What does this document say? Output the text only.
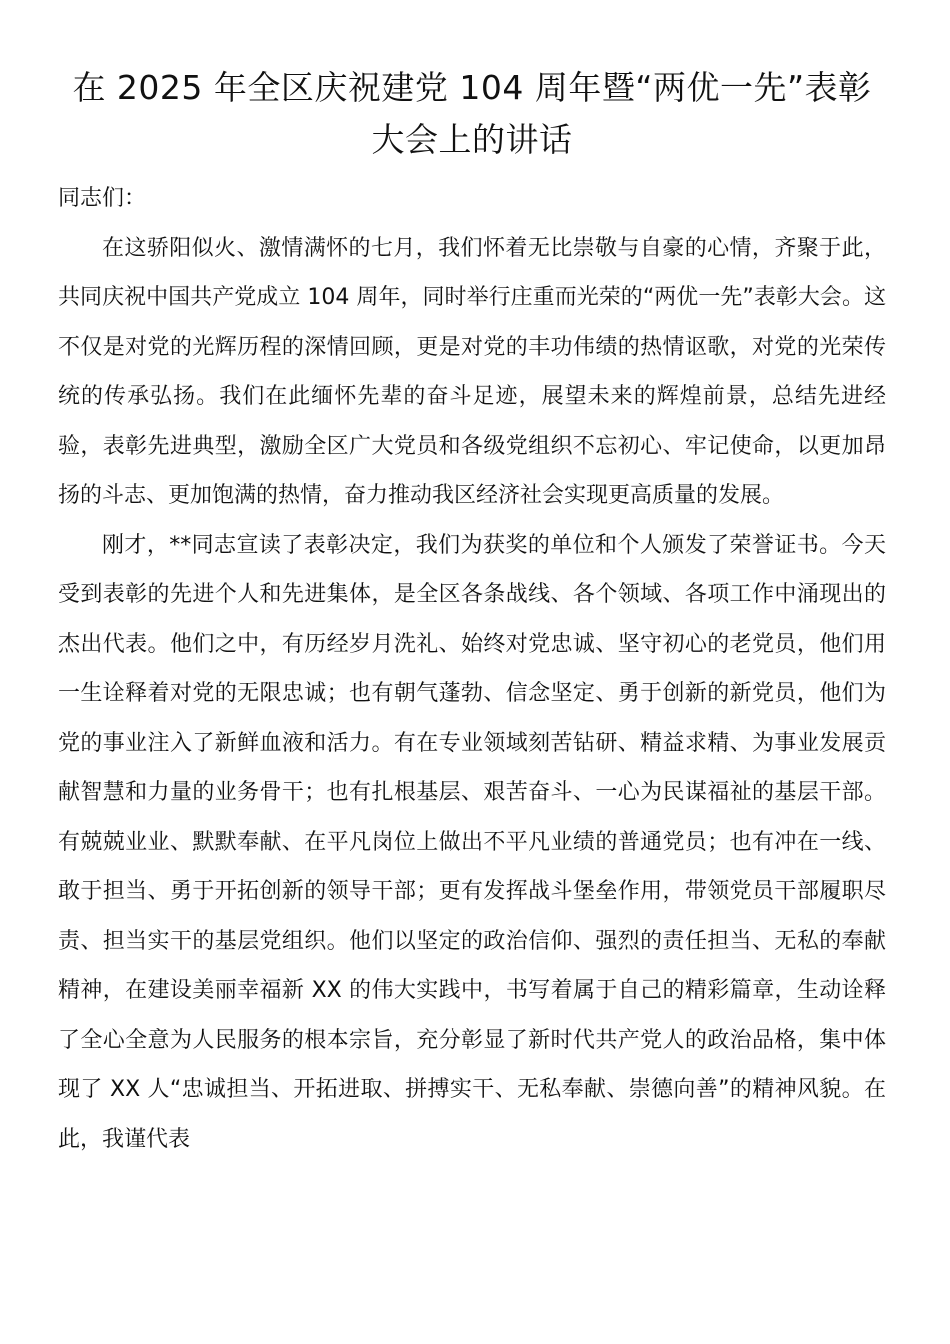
在 2025 年全区庆祝建党 104 周年暨“两优一先”表彰大会上的讲话

同志们：

在这骄阳似火、激情满怀的七月，我们怀着无比崇敬与自豪的心情，齐聚于此，共同庆祝中国共产党成立 104 周年，同时举行庄重而光荣的“两优一先”表彰大会。这不仅是对党的光辉历程的深情回顾，更是对党的丰功伟绩的热情讴歌，对党的光荣传统的传承弘扬。我们在此缅怀先辈的奋斗足迹，展望未来的辉煌前景，总结先进经验，表彰先进典型，激励全区广大党员和各级党组织不忘初心、牢记使命，以更加昂扬的斗志、更加饱满的热情，奋力推动我区经济社会实现更高质量的发展。

刚才，**同志宣读了表彰决定，我们为获奖的单位和个人颁发了荣誉证书。今天受到表彰的先进个人和先进集体，是全区各条战线、各个领域、各项工作中涌现出的杰出代表。他们之中，有历经岁月洗礼、始终对党忠诚、坚守初心的老党员，他们用一生诠释着对党的无限忠诚；也有朝气蓬勃、信念坚定、勇于创新的新党员，他们为党的事业注入了新鲜血液和活力。有在专业领域刻苦钻研、精益求精、为事业发展贡献智慧和力量的业务骨干；也有扎根基层、艰苦奋斗、一心为民谋福祉的基层干部。有兢兢业业、默默奉献、在平凡岗位上做出不平凡业绩的普通党员；也有冲在一线、敢于担当、勇于开拓创新的领导干部；更有发挥战斗堡垒作用，带领党员干部履职尽责、担当实干的基层党组织。他们以坚定的政治信仰、强烈的责任担当、无私的奉献精神，在建设美丽幸福新 XX 的伟大实践中，书写着属于自己的精彩篇章，生动诠释了全心全意为人民服务的根本宗旨，充分彰显了新时代共产党人的政治品格，集中体现了 XX 人“忠诚担当、开拓进取、拼搏实干、无私奉献、崇德向善”的精神风貌。在此，我谨代表
